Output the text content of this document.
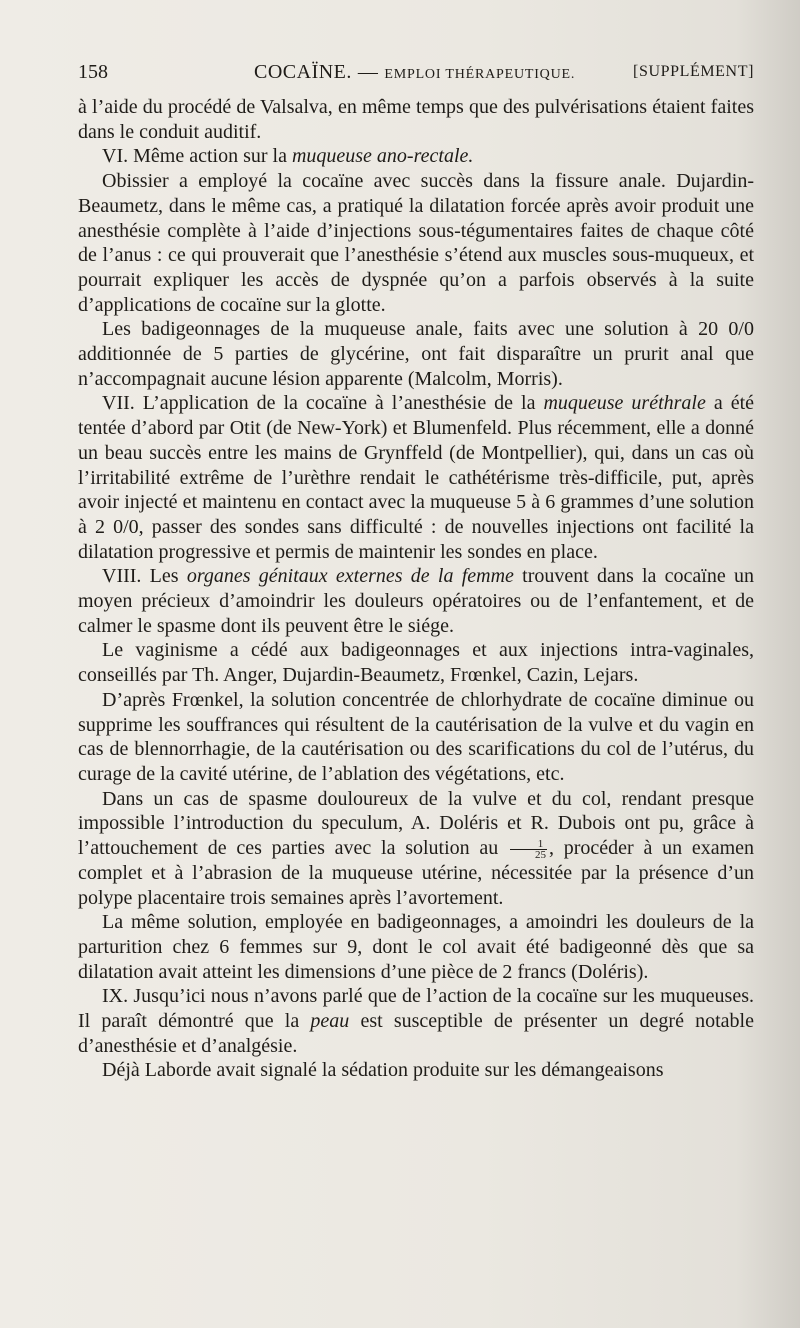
158	COCAÏNE. — EMPLOI THÉRAPEUTIQUE.	[SUPPLÉMENT]

à l’aide du procédé de Valsalva, en même temps que des pulvérisations étaient faites dans le conduit auditif.

VI. Même action sur la muqueuse ano-rectale.

Obissier a employé la cocaïne avec succès dans la fissure anale. Dujardin-Beaumetz, dans le même cas, a pratiqué la dilatation forcée après avoir produit une anesthésie complète à l’aide d’injections sous-tégumentaires faites de chaque côté de l’anus : ce qui prouverait que l’anesthésie s’étend aux muscles sous-muqueux, et pourrait expliquer les accès de dyspnée qu’on a parfois observés à la suite d’applications de cocaïne sur la glotte.

Les badigeonnages de la muqueuse anale, faits avec une solution à 20 0/0 additionnée de 5 parties de glycérine, ont fait disparaître un prurit anal que n’accompagnait aucune lésion apparente (Malcolm, Morris).

VII. L’application de la cocaïne à l’anesthésie de la muqueuse uréthrale a été tentée d’abord par Otit (de New-York) et Blumenfeld. Plus récemment, elle a donné un beau succès entre les mains de Grynffeld (de Montpellier), qui, dans un cas où l’irritabilité extrême de l’urèthre rendait le cathétérisme très-difficile, put, après avoir injecté et maintenu en contact avec la muqueuse 5 à 6 grammes d’une solution à 2 0/0, passer des sondes sans difficulté : de nouvelles injections ont facilité la dilatation progressive et permis de maintenir les sondes en place.

VIII. Les organes génitaux externes de la femme trouvent dans la cocaïne un moyen précieux d’amoindrir les douleurs opératoires ou de l’enfantement, et de calmer le spasme dont ils peuvent être le siége.

Le vaginisme a cédé aux badigeonnages et aux injections intra-vaginales, conseillés par Th. Anger, Dujardin-Beaumetz, Frœnkel, Cazin, Lejars.

D’après Frœnkel, la solution concentrée de chlorhydrate de cocaïne diminue ou supprime les souffrances qui résultent de la cautérisation de la vulve et du vagin en cas de blennorrhagie, de la cautérisation ou des scarifications du col de l’utérus, du curage de la cavité utérine, de l’ablation des végétations, etc.

Dans un cas de spasme douloureux de la vulve et du col, rendant presque impossible l’introduction du speculum, A. Doléris et R. Dubois ont pu, grâce à l’attouchement de ces parties avec la solution au $\frac{1}{25}$ , procéder à un examen complet et à l’abrasion de la muqueuse utérine, nécessitée par la présence d’un polype placentaire trois semaines après l’avortement.

La même solution, employée en badigeonnages, a amoindri les douleurs de la parturition chez 6 femmes sur 9, dont le col avait été badigeonné dès que sa dilatation avait atteint les dimensions d’une pièce de 2 francs (Doléris).

IX. Jusqu’ici nous n’avons parlé que de l’action de la cocaïne sur les muqueuses. Il paraît démontré que la peau est susceptible de présenter un degré notable d’anesthésie et d’analgésie.

Déjà Laborde avait signalé la sédation produite sur les démangeaisons
